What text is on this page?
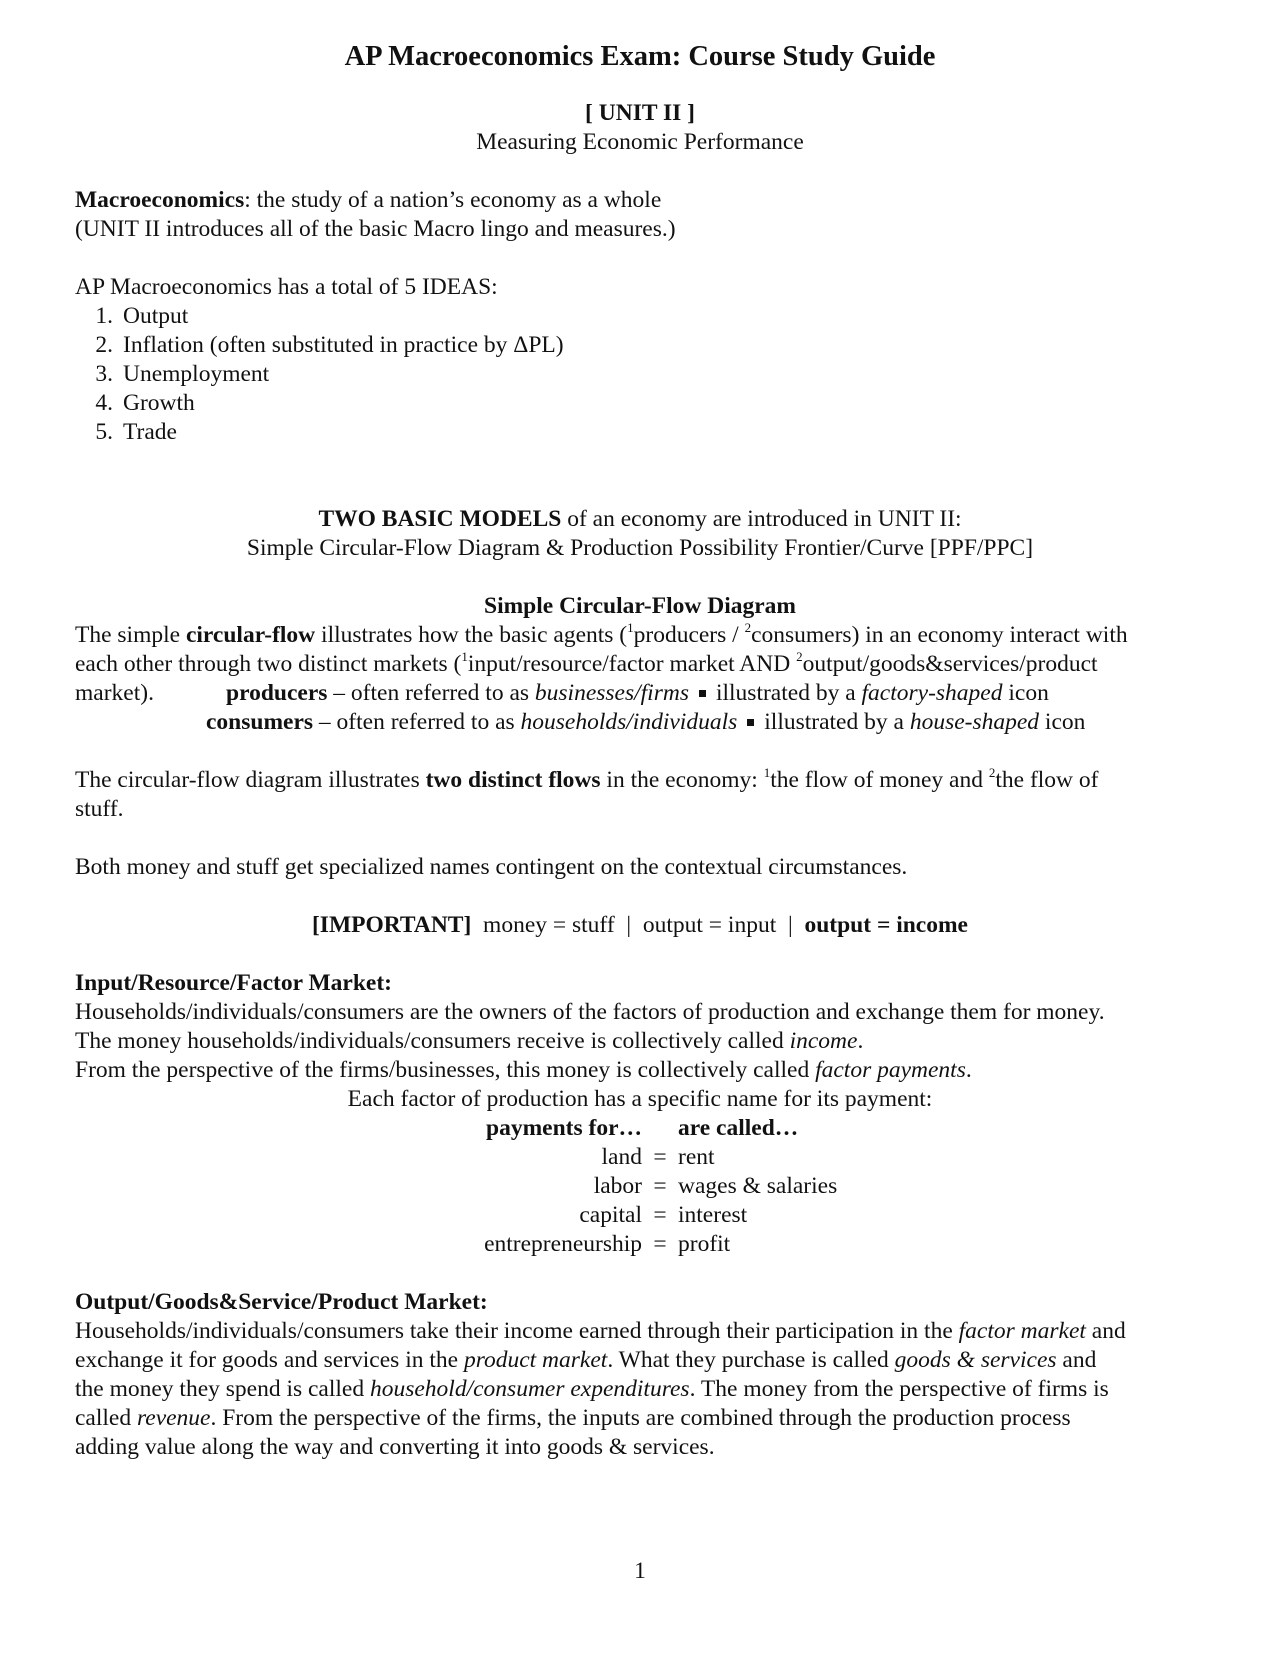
AP Macroeconomics Exam: Course Study Guide
[ UNIT II ]
Measuring Economic Performance
Macroeconomics: the study of a nation’s economy as a whole
(UNIT II introduces all of the basic Macro lingo and measures.)
AP Macroeconomics has a total of 5 IDEAS:
1. Output
2. Inflation (often substituted in practice by ΔPL)
3. Unemployment
4. Growth
5. Trade
TWO BASIC MODELS of an economy are introduced in UNIT II:
Simple Circular-Flow Diagram & Production Possibility Frontier/Curve [PPF/PPC]
Simple Circular-Flow Diagram
The simple circular-flow illustrates how the basic agents ($^1$producers / $^2$consumers) in an economy interact with
each other through two distinct markets ($^1$input/resource/factor market AND $^2$output/goods&services/product
market).	producers – often referred to as businesses/firms illustrated by a factory-shaped icon
consumers – often referred to as households/individuals illustrated by a house-shaped icon
The circular-flow diagram illustrates two distinct flows in the economy: $^1$the flow of money and $^2$the flow of
stuff.
Both money and stuff get specialized names contingent on the contextual circumstances.
[IMPORTANT]  money = stuff  |  output = input  |  output = income
Input/Resource/Factor Market:
Households/individuals/consumers are the owners of the factors of production and exchange them for money.
The money households/individuals/consumers receive is collectively called income.
From the perspective of the firms/businesses, this money is collectively called factor payments.
Each factor of production has a specific name for its payment:
payments for… are called…
land = rent
labor = wages & salaries
capital = interest
entrepreneurship = profit
Output/Goods&Service/Product Market:
Households/individuals/consumers take their income earned through their participation in the factor market and
exchange it for goods and services in the product market. What they purchase is called goods & services and
the money they spend is called household/consumer expenditures. The money from the perspective of firms is
called revenue. From the perspective of the firms, the inputs are combined through the production process
adding value along the way and converting it into goods & services.
1
